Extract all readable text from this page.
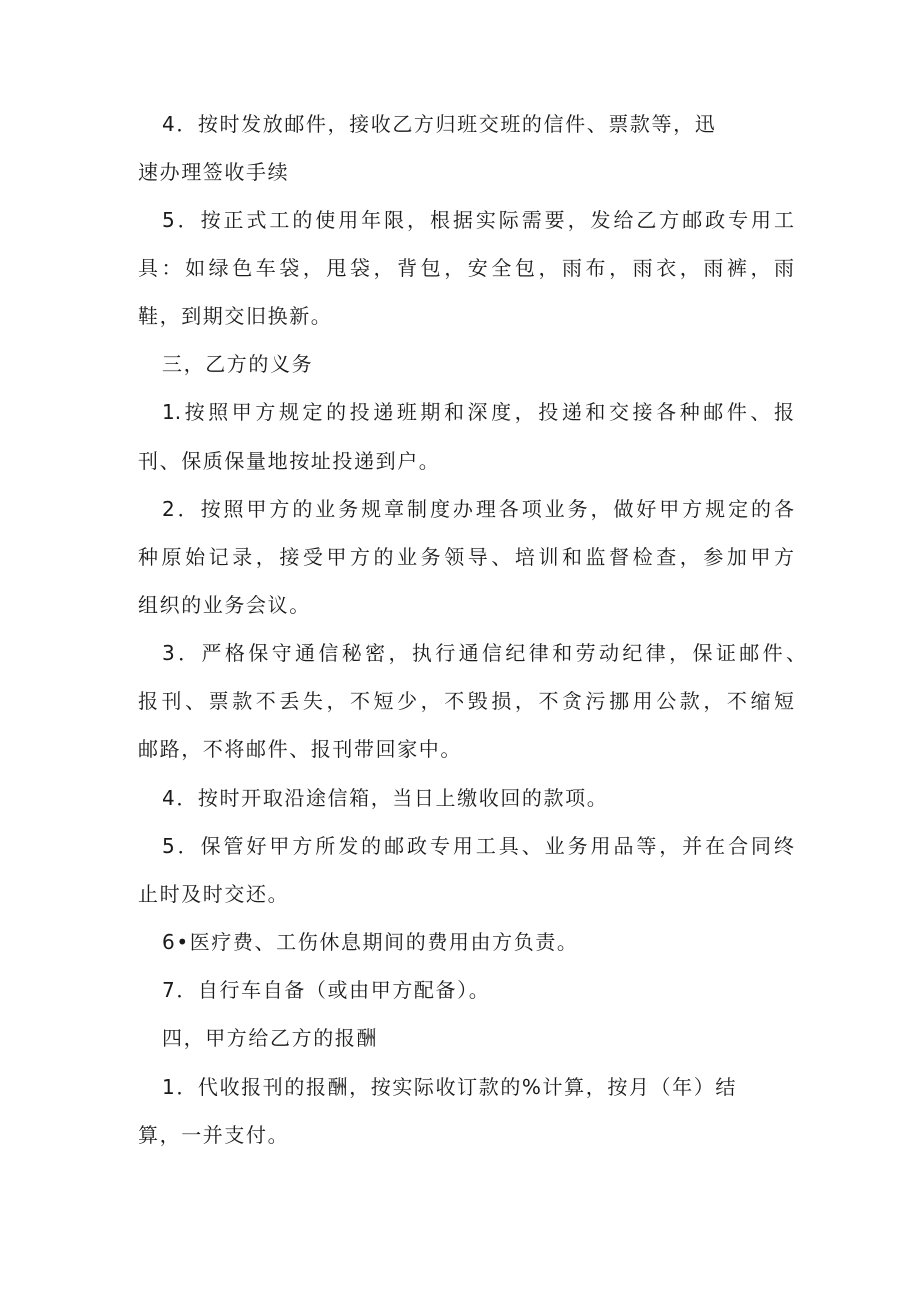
4．按时发放邮件，接收乙方归班交班的信件、票款等，迅
速办理签收手续
5．按正式工的使用年限，根据实际需要，发给乙方邮政专用工
具：如绿色车袋，甩袋，背包，安全包，雨布，雨衣，雨裤，雨
鞋，到期交旧换新。
三，乙方的义务
1.按照甲方规定的投递班期和深度，投递和交接各种邮件、报
刊、保质保量地按址投递到户。
2．按照甲方的业务规章制度办理各项业务，做好甲方规定的各
种原始记录，接受甲方的业务领导、培训和监督检查，参加甲方
组织的业务会议。
3．严格保守通信秘密，执行通信纪律和劳动纪律，保证邮件、
报刊、票款不丢失，不短少，不毁损，不贪污挪用公款，不缩短
邮路，不将邮件、报刊带回家中。
4．按时开取沿途信箱，当日上缴收回的款项。
5．保管好甲方所发的邮政专用工具、业务用品等，并在合同终
止时及时交还。
6•医疗费、工伤休息期间的费用由方负责。
7．自行车自备（或由甲方配备）。
四，甲方给乙方的报酬
1．代收报刊的报酬，按实际收订款的%计算，按月（年）结
算，一并支付。
